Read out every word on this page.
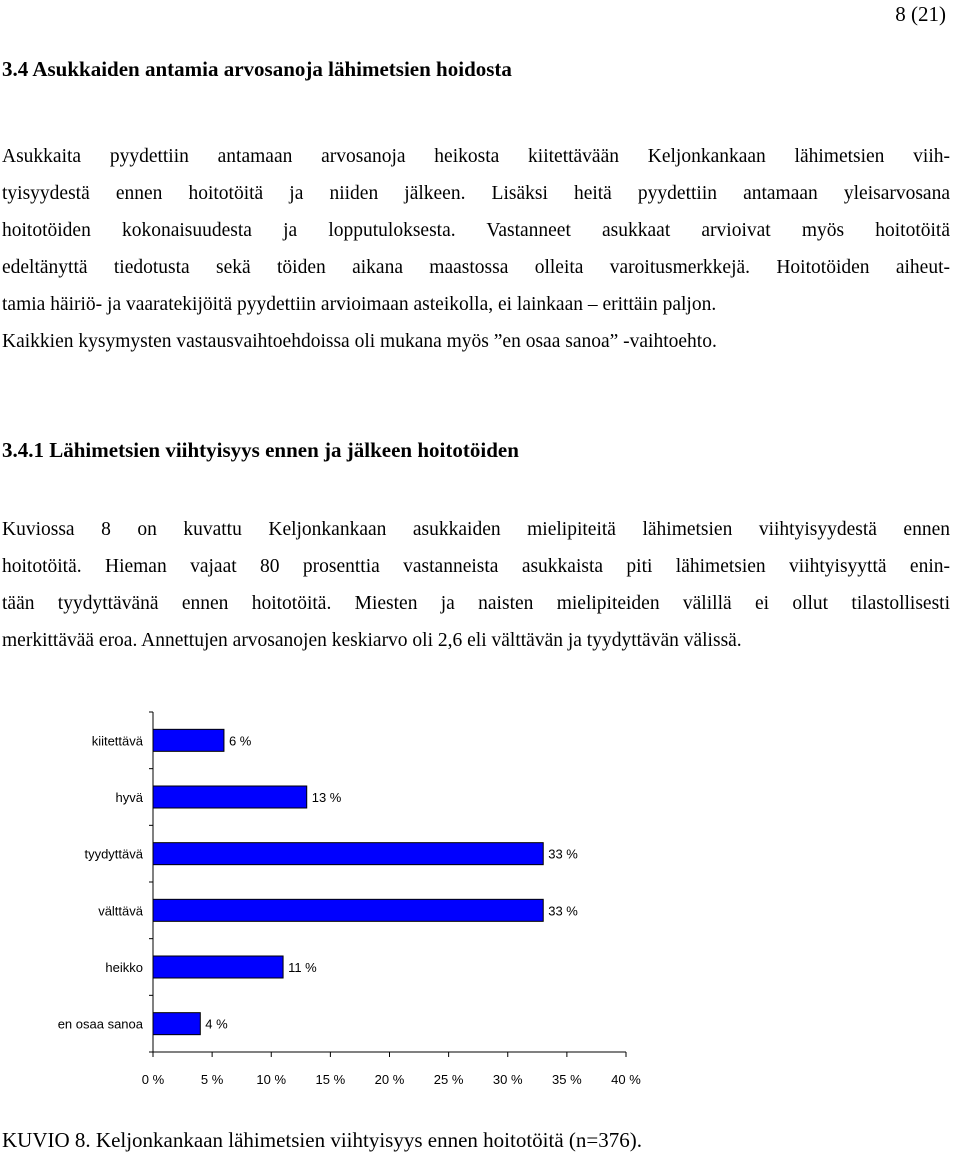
8 (21)
3.4 Asukkaiden antamia arvosanoja lähimetsien hoidosta
Asukkaita pyydettiin antamaan arvosanoja heikosta kiitettävään Keljonkankaan lähimetsien viih-
tyisyydestä ennen hoitotöitä ja niiden jälkeen. Lisäksi heitä pyydettiin antamaan yleisarvosana
hoitotöiden kokonaisuudesta ja lopputuloksesta. Vastanneet asukkaat arvioivat myös hoitotöitä
edeltänyttä tiedotusta sekä töiden aikana maastossa olleita varoitusmerkkejä. Hoitotöiden aiheut-
tamia häiriö- ja vaaratekijöitä pyydettiin arvioimaan asteikolla, ei lainkaan – erittäin paljon.
Kaikkien kysymysten vastausvaihtoehdoissa oli mukana myös ”en osaa sanoa” -vaihtoehto.
3.4.1 Lähimetsien viihtyisyys ennen ja jälkeen hoitotöiden
Kuviossa 8 on kuvattu Keljonkankaan asukkaiden mielipiteitä lähimetsien viihtyisyydestä ennen
hoitotöitä. Hieman vajaat 80 prosenttia vastanneista asukkaista piti lähimetsien viihtyisyyttä enin-
tään tyydyttävänä ennen hoitotöitä. Miesten ja naisten mielipiteiden välillä ei ollut tilastollisesti
merkittävää eroa. Annettujen arvosanojen keskiarvo oli 2,6 eli välttävän ja tyydyttävän välissä.
kiitettävä	6 %
hyvä	13 %
tyydyttävä	33 %
välttävä	33 %
heikko	11 %
en osaa sanoa	4 %
0 %	5 %	10 % 15 % 20 % 25 % 30 % 35 % 40 %

KUVIO 8. Keljonkankaan lähimetsien viihtyisyys ennen hoitotöitä (n=376).
